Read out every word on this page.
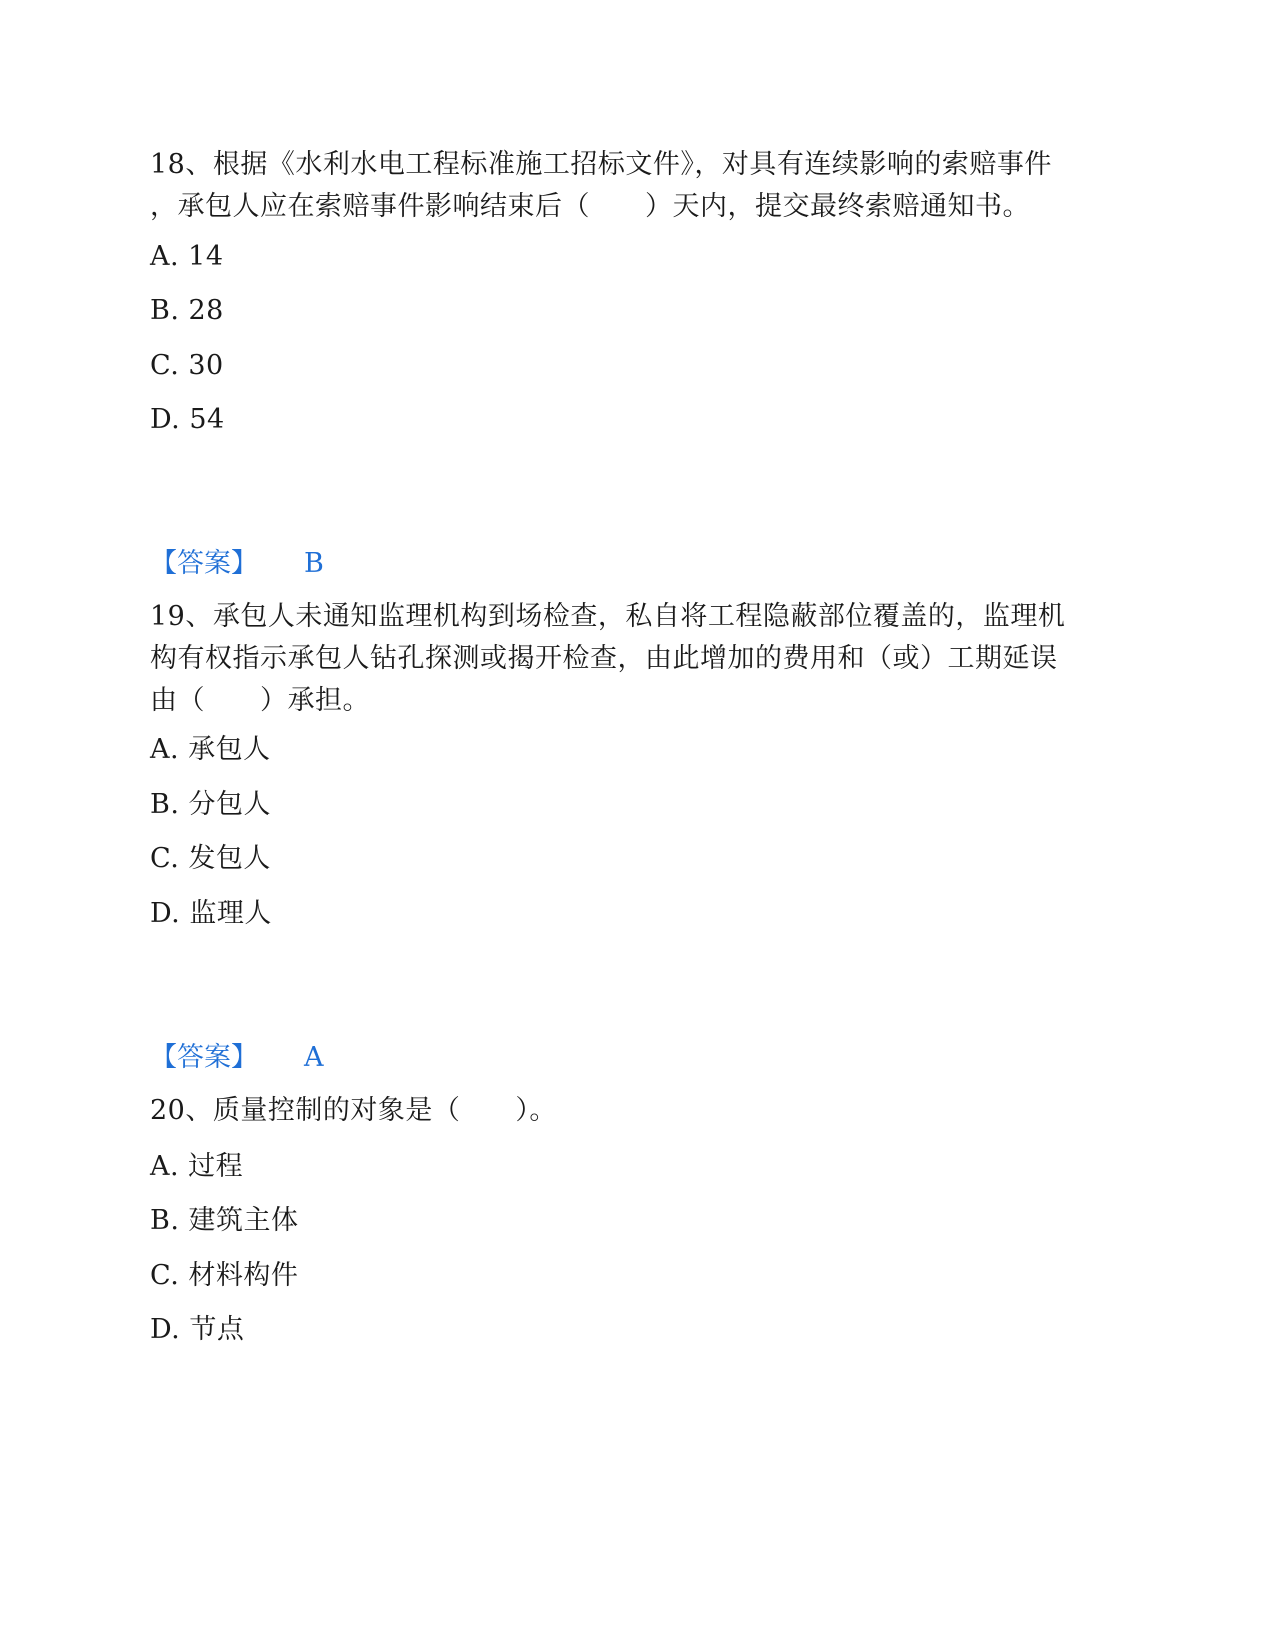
18、根据《水利水电工程标准施工招标文件》，对具有连续影响的索赔事件
，承包人应在索赔事件影响结束后（　　）天内，提交最终索赔通知书。
A. 14
B. 28
C. 30
D. 54
【答案】 B
19、承包人未通知监理机构到场检查，私自将工程隐蔽部位覆盖的，监理机
构有权指示承包人钻孔探测或揭开检查，由此增加的费用和（或）工期延误
由（　　）承担。
A. 承包人
B. 分包人
C. 发包人
D. 监理人
【答案】 A
20、质量控制的对象是（　　）。
A. 过程
B. 建筑主体
C. 材料构件
D. 节点
